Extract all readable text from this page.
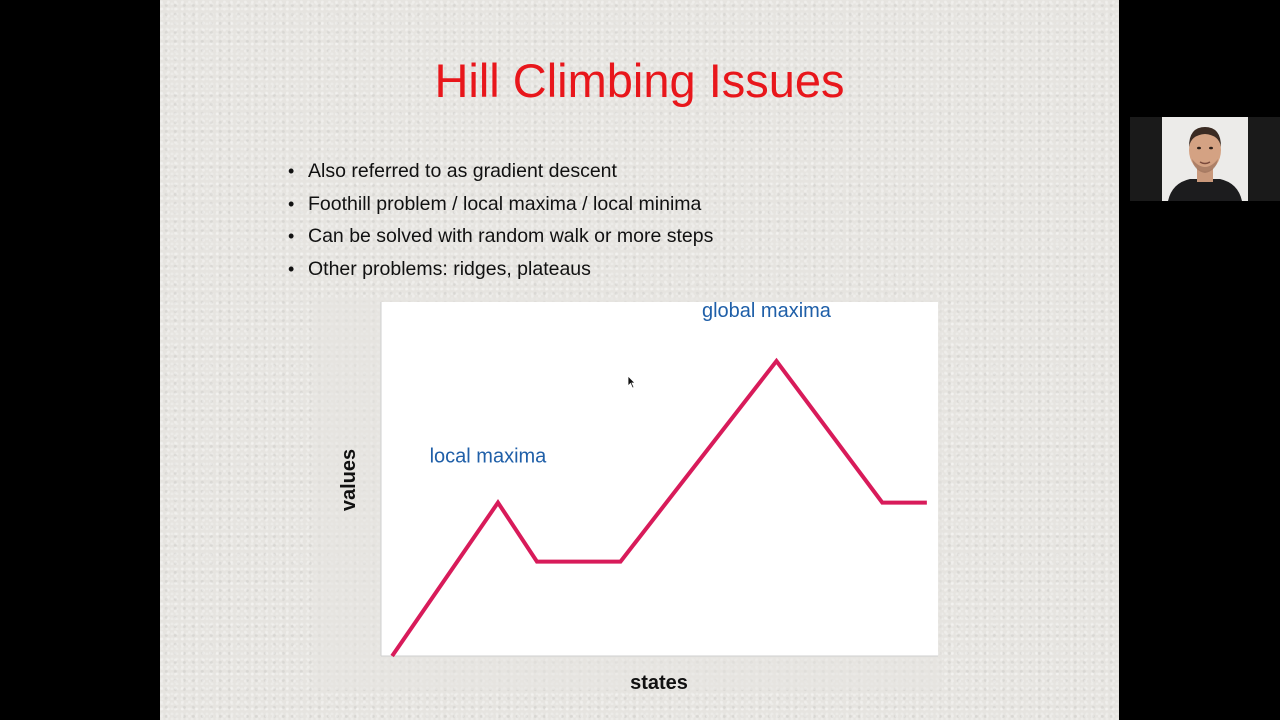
Hill Climbing Issues
• Also referred to as gradient descent
• Foothill problem / local maxima / local minima
• Can be solved with random walk or more steps
• Other problems: ridges, plateaus
local maxima
global maxima
states
values
